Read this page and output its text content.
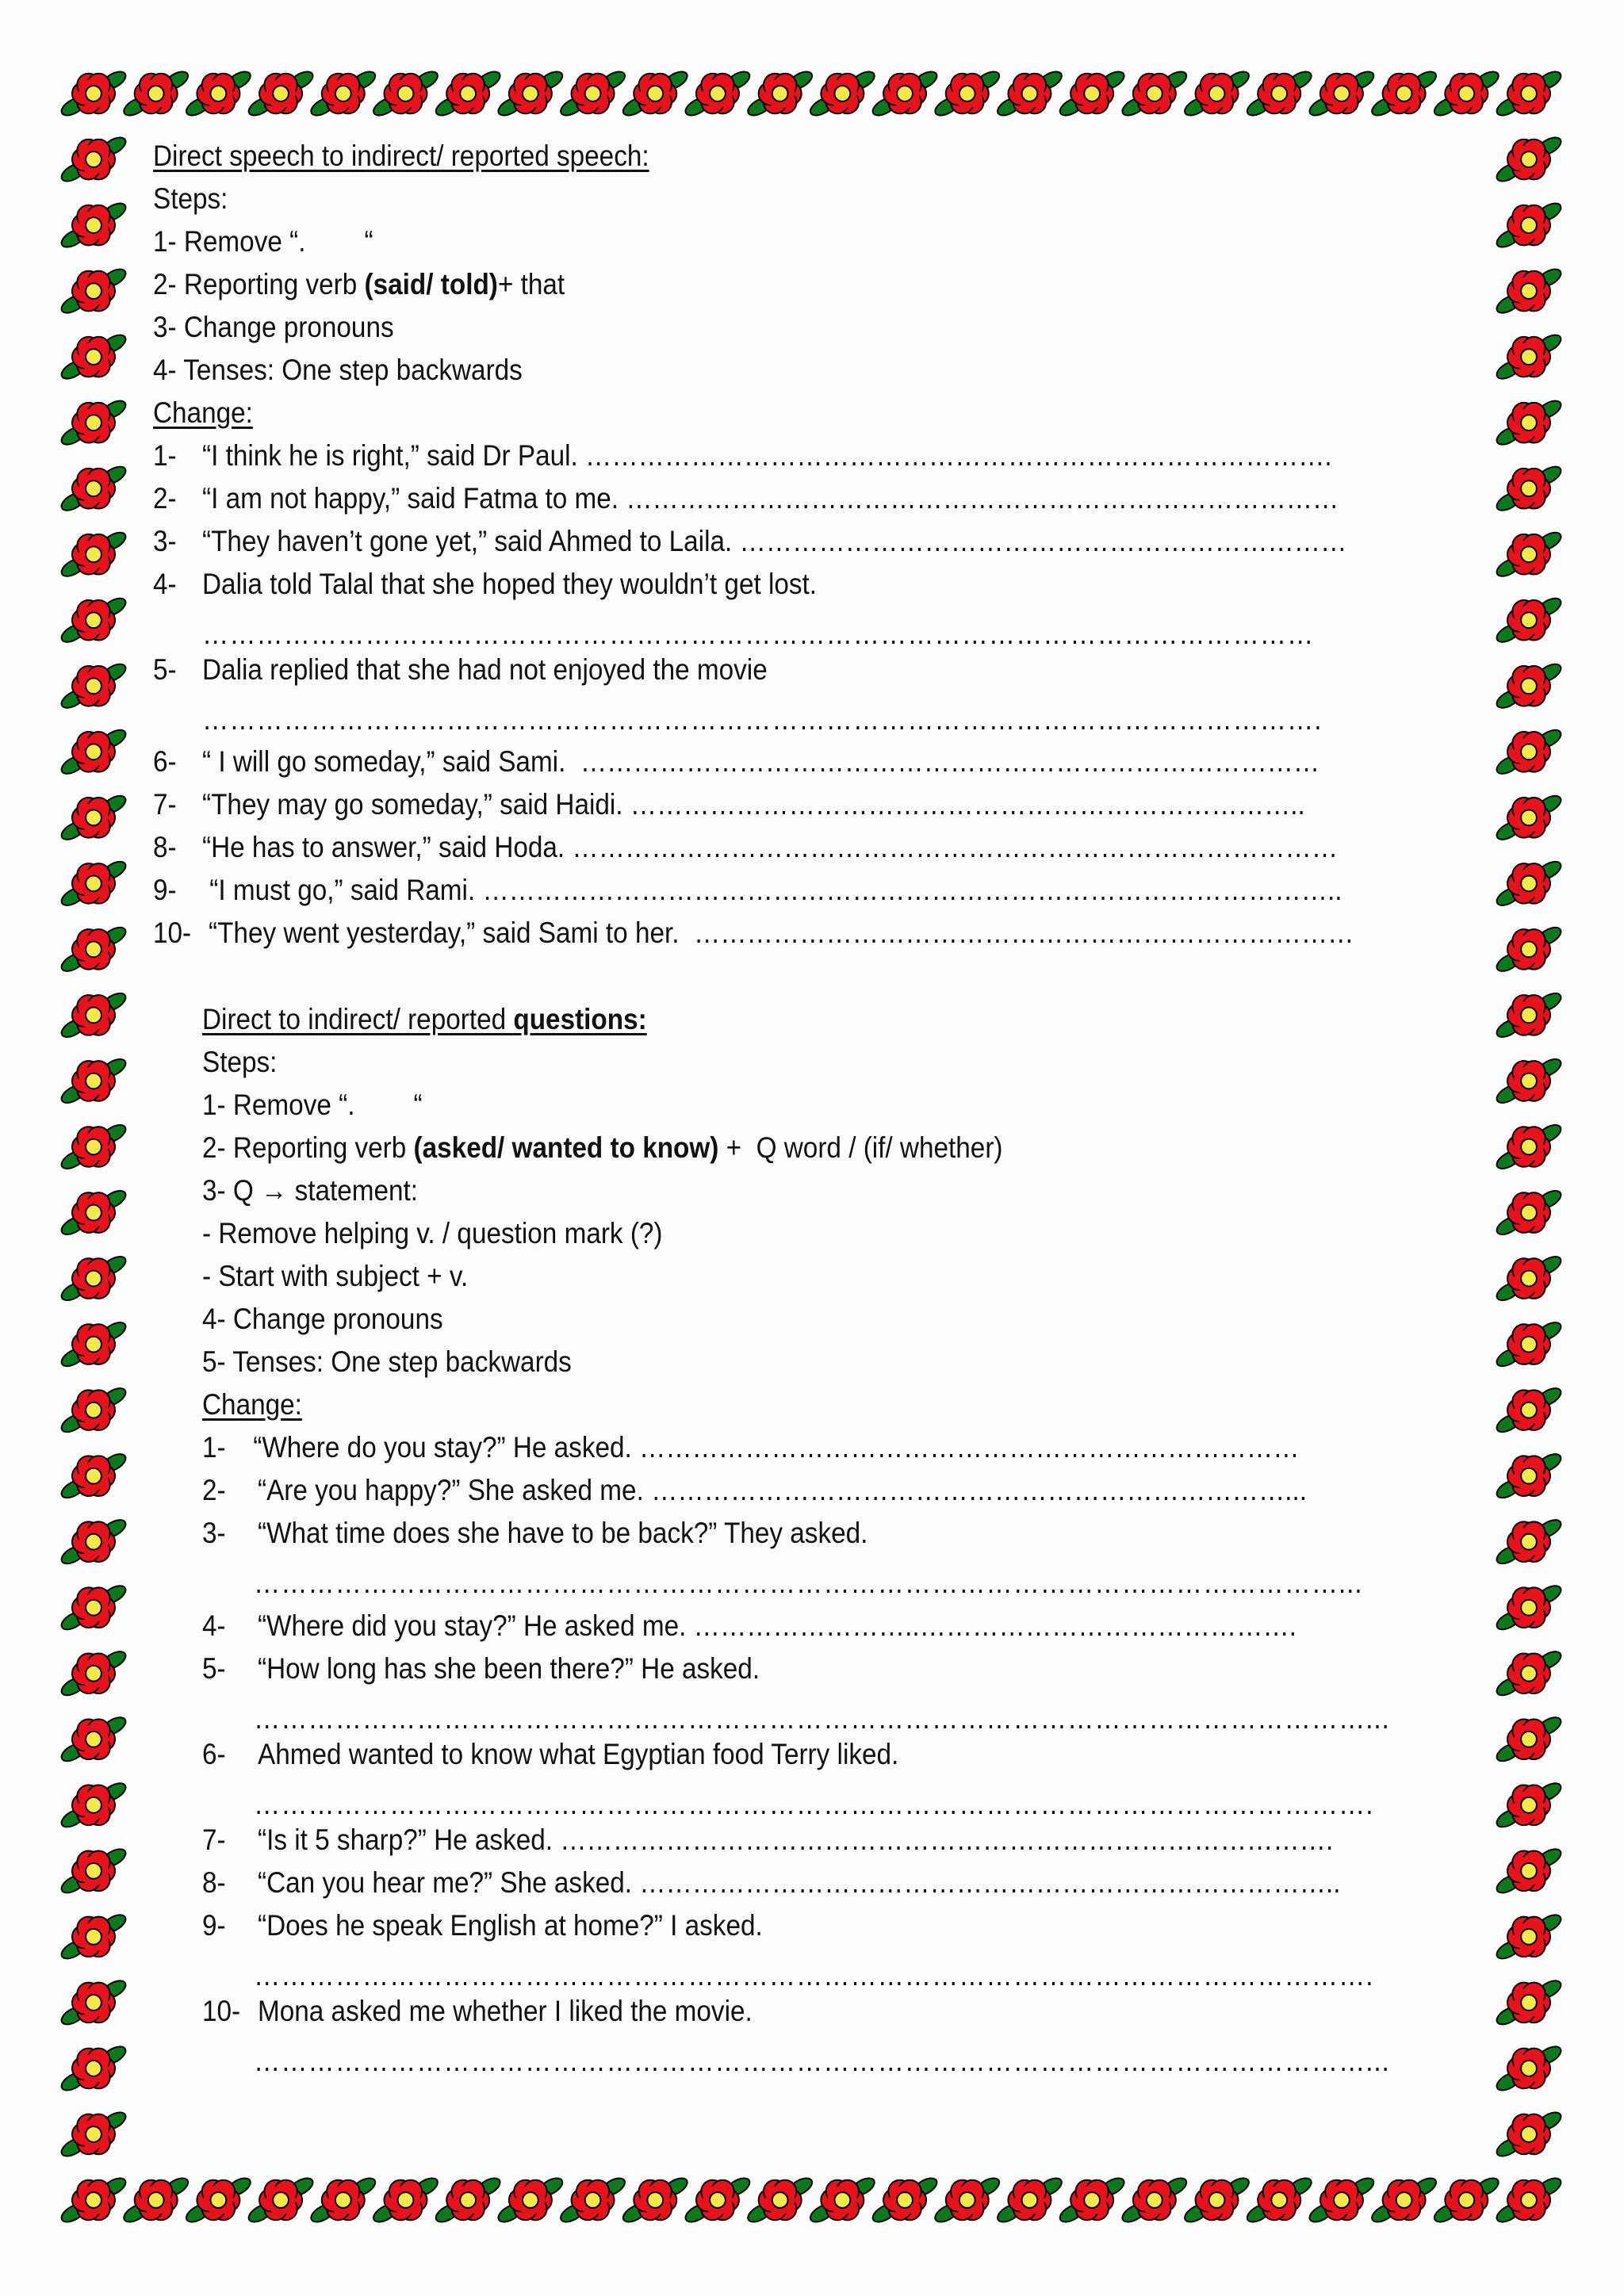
Direct speech to indirect/ reported speech:
Steps:
1- Remove “.        “
2- Reporting verb (said/ told)+ that
3- Change pronouns
4- Tenses: One step backwards
Change:
1- “I think he is right,” said Dr Paul. ………………………………………………………………………….
2- “I am not happy,” said Fatma to me. ………………………………………………………………………
3- “They haven’t gone yet,” said Ahmed to Laila. ……………………………………………………………
4- Dalia told Talal that she hoped they wouldn’t get lost.
……………………………………………………………………………………………………………
5- Dalia replied that she had not enjoyed the movie
…………………………………………………………………………………………………………….
6- “ I will go someday,” said Sami.  …………………………………………………………………………
7- “They may go someday,” said Haidi. …………………………………………………………………..
8- “He has to answer,” said Hoda. ……………………………………………………………………………
9- “I must go,” said Rami. ……………………………………………………………………………………..
10- “They went yesterday,” said Sami to her.  …………………………………………………………………
Direct to indirect/ reported questions:
Steps:
1- Remove “.        “
2- Reporting verb (asked/ wanted to know) +  Q word / (if/ whether)
3- Q → statement:
- Remove helping v. / question mark (?)
- Start with subject + v.
4- Change pronouns
5- Tenses: One step backwards
Change:
1- “Where do you stay?” He asked. …………………………………………………………………
2- “Are you happy?” She asked me. ………………………………………………………………...
3- “What time does she have to be back?” They asked.
…………………………………………………………………………………………………………...
4- “Where did you stay?” He asked me. ……………………..…………………………………….
5- “How long has she been there?” He asked.
……………………………………………………………………………………………………………...
6- Ahmed wanted to know what Egyptian food Terry liked.
…………………………………………………………………………………………………………….
7- “Is it 5 sharp?” He asked. …………………………………………………………………………….
8- “Can you hear me?” She asked. ……………………………………………………………………..
9- “Does he speak English at home?” I asked.
…………………………………………………………………………………………………………….
10- Mona asked me whether I liked the movie.
……………………………………………………………………………………………………………...
